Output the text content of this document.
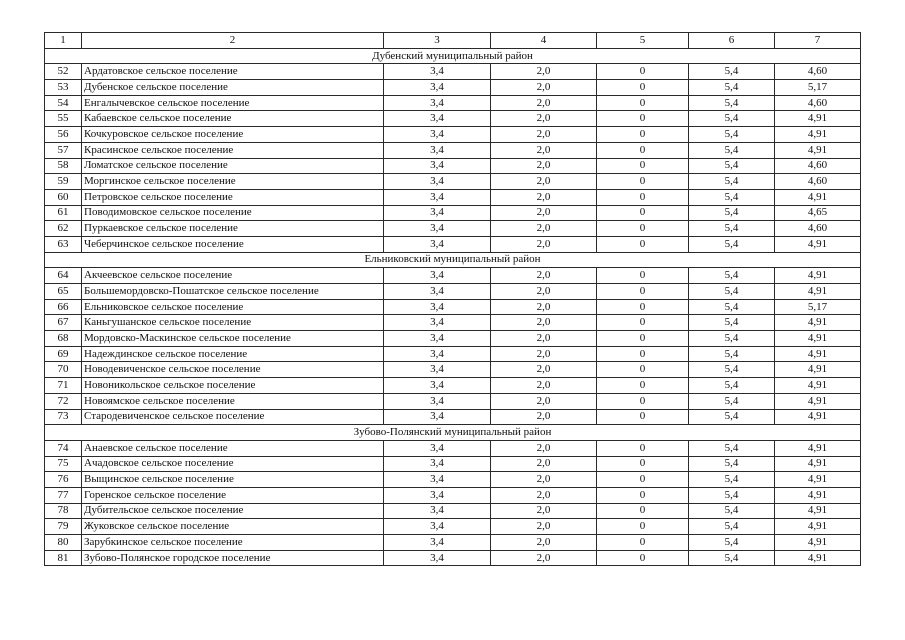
1	2	3	4	5	6	7
Дубенский муниципальный район						
52	Ардатовское сельское поселение	3,4	2,0	0	5,4	4,60
53	Дубенское сельское поселение	3,4	2,0	0	5,4	5,17
54	Енгалычевское сельское поселение	3,4	2,0	0	5,4	4,60
55	Кабаевское сельское поселение	3,4	2,0	0	5,4	4,91
56	Кочкуровское сельское поселение	3,4	2,0	0	5,4	4,91
57	Красинское сельское поселение	3,4	2,0	0	5,4	4,91
58	Ломатское сельское поселение	3,4	2,0	0	5,4	4,60
59	Моргинское сельское поселение	3,4	2,0	0	5,4	4,60
60	Петровское сельское поселение	3,4	2,0	0	5,4	4,91
61	Поводимовское сельское поселение	3,4	2,0	0	5,4	4,65
62	Пуркаевское сельское поселение	3,4	2,0	0	5,4	4,60
63	Чеберчинское сельское поселение	3,4	2,0	0	5,4	4,91
Ельниковский муниципальный район						
64	Акчеевское сельское поселение	3,4	2,0	0	5,4	4,91
65	Большемордовско-Пошатское сельское поселение	3,4	2,0	0	5,4	4,91
66	Ельниковское сельское поселение	3,4	2,0	0	5,4	5,17
67	Каньгушанское сельское поселение	3,4	2,0	0	5,4	4,91
68	Мордовско-Маскинское сельское поселение	3,4	2,0	0	5,4	4,91
69	Надеждинское сельское поселение	3,4	2,0	0	5,4	4,91
70	Новодевиченское сельское поселение	3,4	2,0	0	5,4	4,91
71	Новоникольское сельское поселение	3,4	2,0	0	5,4	4,91
72	Новоямское сельское поселение	3,4	2,0	0	5,4	4,91
73	Стародевиченское сельское поселение	3,4	2,0	0	5,4	4,91
Зубово-Полянский муниципальный район						
74	Анаевское сельское поселение	3,4	2,0	0	5,4	4,91
75	Ачадовское сельское поселение	3,4	2,0	0	5,4	4,91
76	Выщинское сельское поселение	3,4	2,0	0	5,4	4,91
77	Горенское сельское поселение	3,4	2,0	0	5,4	4,91
78	Дубительское сельское поселение	3,4	2,0	0	5,4	4,91
79	Жуковское сельское поселение	3,4	2,0	0	5,4	4,91
80	Зарубкинское сельское поселение	3,4	2,0	0	5,4	4,91
81	Зубово-Полянское городское поселение	3,4	2,0	0	5,4	4,91
